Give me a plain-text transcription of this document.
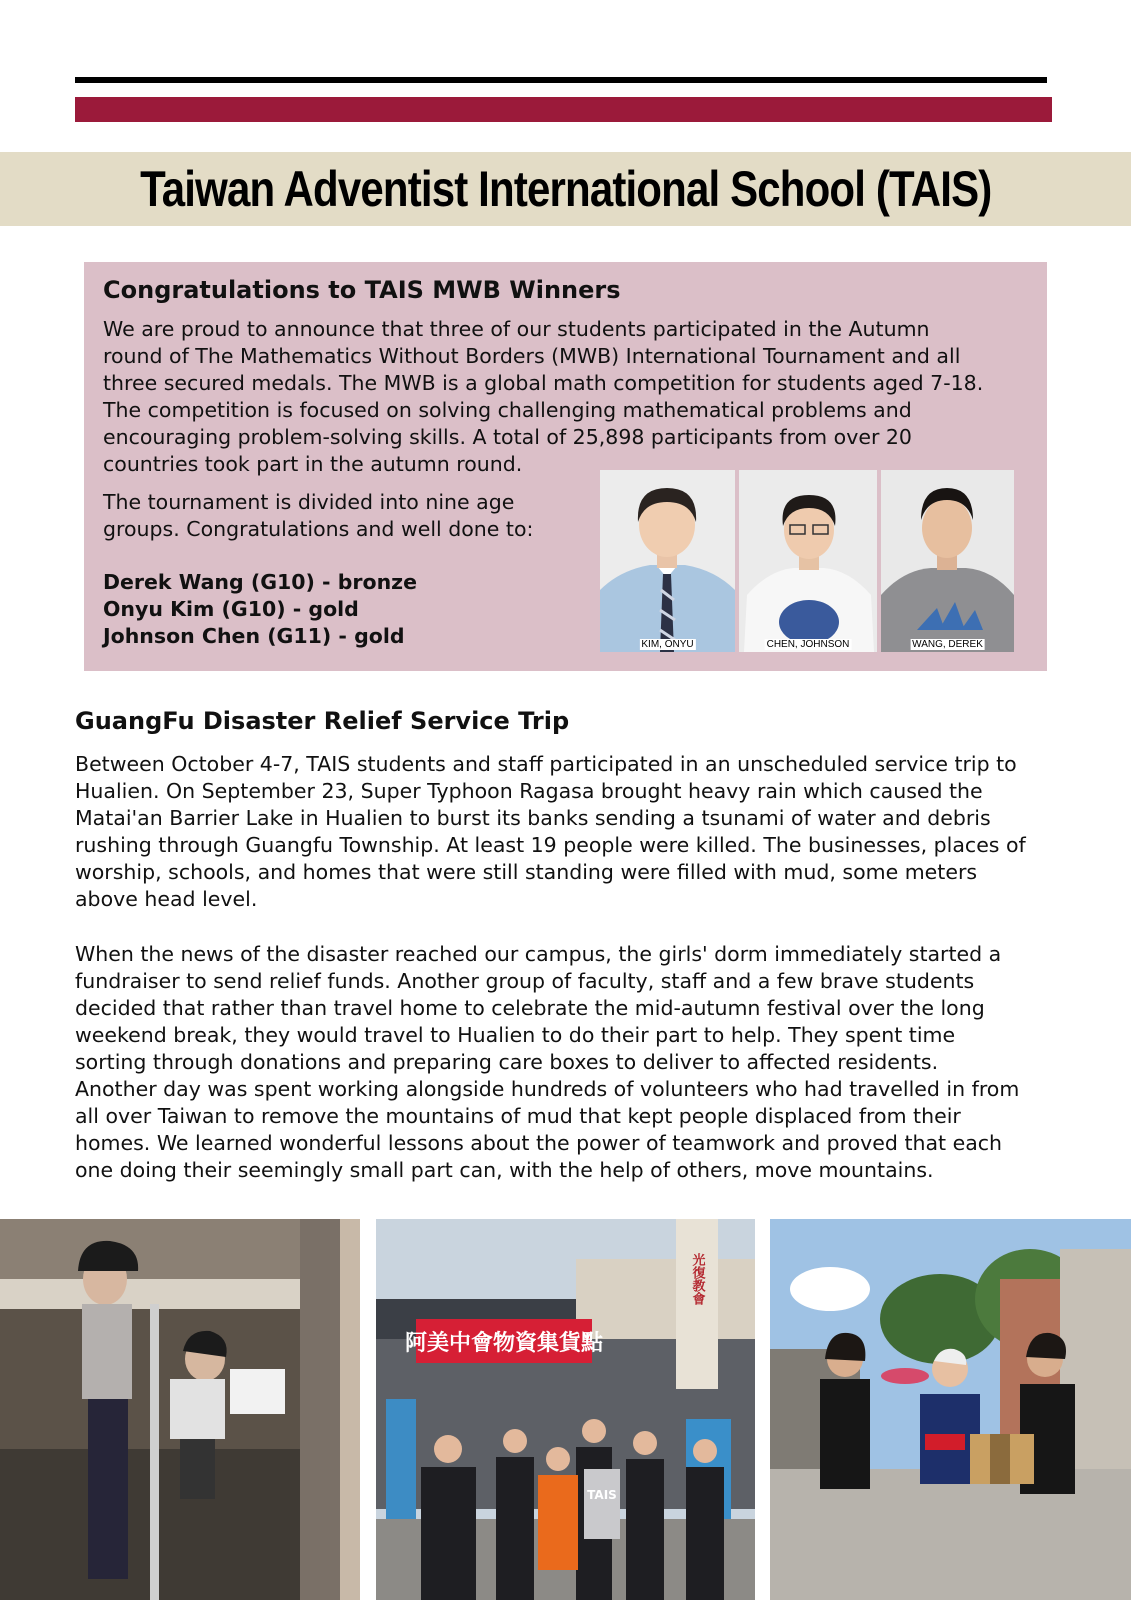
Taiwan Adventist International School (TAIS)
Congratulations to TAIS MWB Winners
We are proud to announce that three of our students participated in the Autumn
round of The Mathematics Without Borders (MWB) International Tournament and all
three secured medals. The MWB is a global math competition for students aged 7-18.
The competition is focused on solving challenging mathematical problems and
encouraging problem-solving skills. A total of 25,898 participants from over 20
countries took part in the autumn round.
The tournament is divided into nine age
groups. Congratulations and well done to:
Derek Wang (G10) - bronze
Onyu Kim (G10) - gold
Johnson Chen (G11) - gold	KIM, ONYU	CHEN, JOHNSON	WANG, DEREK
GuangFu Disaster Relief Service Trip
Between October 4-7, TAIS students and staff participated in an unscheduled service trip to
Hualien. On September 23, Super Typhoon Ragasa brought heavy rain which caused the
Matai'an Barrier Lake in Hualien to burst its banks sending a tsunami of water and debris
rushing through Guangfu Township. At least 19 people were killed. The businesses, places of
worship, schools, and homes that were still standing were filled with mud, some meters
above head level.
When the news of the disaster reached our campus, the girls' dorm immediately started a
fundraiser to send relief funds. Another group of faculty, staff and a few brave students
decided that rather than travel home to celebrate the mid-autumn festival over the long
weekend break, they would travel to Hualien to do their part to help. They spent time
sorting through donations and preparing care boxes to deliver to affected residents.
Another day was spent working alongside hundreds of volunteers who had travelled in from
all over Taiwan to remove the mountains of mud that kept people displaced from their
homes. We learned wonderful lessons about the power of teamwork and proved that each
one doing their seemingly small part can, with the help of others, move mountains.
阿美中會物資集貨點
光復教會
TAIS
